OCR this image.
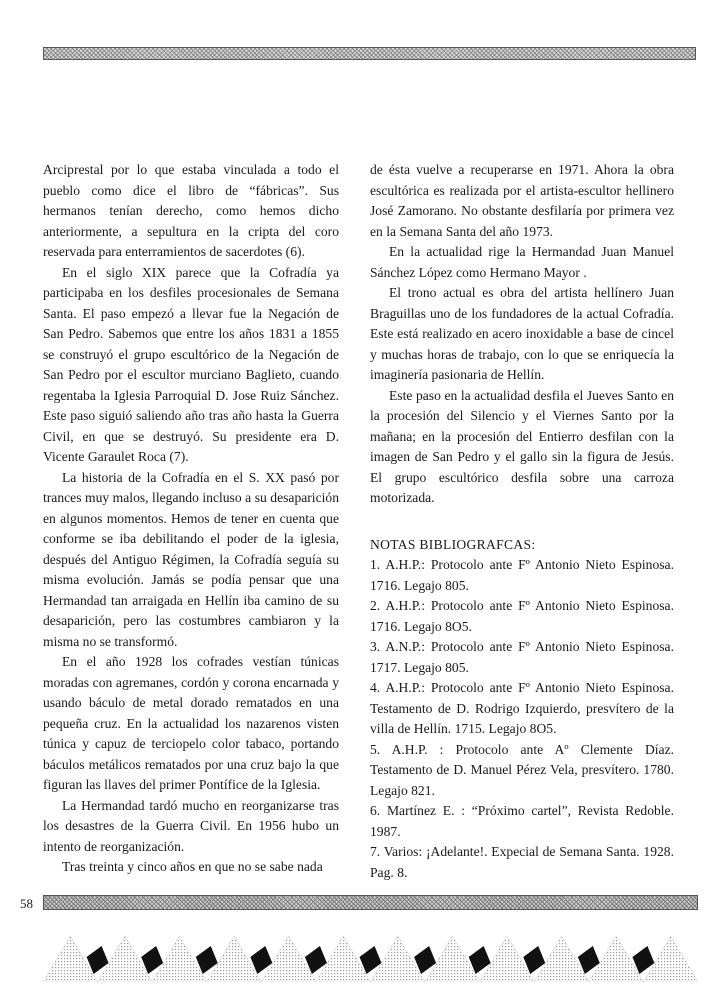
Arciprestal por lo que estaba vinculada a todo el pueblo como dice el libro de “fábricas”. Sus hermanos tenían derecho, como hemos dicho anteriormente, a sepultura en la cripta del coro reservada para enterramientos de sacerdotes (6).

En el siglo XIX parece que la Cofradía ya participaba en los desfiles procesionales de Semana Santa. El paso empezó a llevar fue la Negación de San Pedro. Sabemos que entre los años 1831 a 1855 se construyó el grupo escultórico de la Negación de San Pedro por el escultor murciano Baglieto, cuando regentaba la Iglesia Parroquial D. Jose Ruiz Sánchez. Este paso siguió saliendo año tras año hasta la Guerra Civil, en que se destruyó. Su presidente era D. Vicente Garaulet Roca (7).

La historia de la Cofradía en el S. XX pasó por trances muy malos, llegando incluso a su desaparición en algunos momentos. Hemos de tener en cuenta que conforme se iba debilitando el poder de la iglesia, después del Antiguo Régimen, la Cofradía seguía su misma evolución. Jamás se podía pensar que una Hermandad tan arraigada en Hellín iba camino de su desaparición, pero las costumbres cambiaron y la misma no se transformó.

En el año 1928 los cofrades vestían túnicas moradas con agremanes, cordón y corona encarnada y usando báculo de metal dorado rematados en una pequeña cruz. En la actualidad los nazarenos visten túnica y capuz de terciopelo color tabaco, portando báculos metálicos rematados por una cruz bajo la que figuran las llaves del primer Pontífice de la Iglesia.

La Hermandad tardó mucho en reorganizarse tras los desastres de la Guerra Civil. En 1956 hubo un intento de reorganización.

Tras treinta y cinco años en que no se sabe nada

de ésta vuelve a recuperarse en 1971. Ahora la obra escultórica es realizada por el artista-escultor hellinero José Zamorano. No obstante desfilaría por primera vez en la Semana Santa del año 1973.

En la actualidad rige la Hermandad Juan Manuel Sánchez López como Hermano Mayor .

El trono actual es obra del artista hellínero Juan Braguillas uno de los fundadores de la actual Cofradía. Este está realizado en acero inoxidable a base de cincel y muchas horas de trabajo, con lo que se enriquecía la imaginería pasionaria de Hellín.

Este paso en la actualidad desfila el Jueves Santo en la procesión del Silencio y el Viernes Santo por la mañana; en la procesión del Entierro desfilan con la imagen de San Pedro y el gallo sin la figura de Jesús. El grupo escultórico desfila sobre una carroza motorizada.

NOTAS BIBLIOGRAFCAS:

1. A.H.P.: Protocolo ante Fº Antonio Nieto Espinosa. 1716. Legajo 805.

2. A.H.P.: Protocolo ante Fº Antonio Nieto Espinosa. 1716. Legajo 8O5.

3. A.N.P.: Protocolo ante Fº Antonio Nieto Espinosa. 1717. Legajo 805.

4. A.H.P.: Protocolo ante Fº Antonio Nieto Espinosa. Testamento de D. Rodrigo Izquierdo, presvítero de la villa de Hellín. 1715. Legajo 8O5.

5. A.H.P. : Protocolo ante Aº Clemente Díaz. Testamento de D. Manuel Pérez Vela, presvítero. 1780. Legajo 821.

6. Martínez E. : “Próximo cartel”, Revista Redoble. 1987.

7. Varios: ¡Adelante!. Expecial de Semana Santa. 1928. Pag. 8.

58
